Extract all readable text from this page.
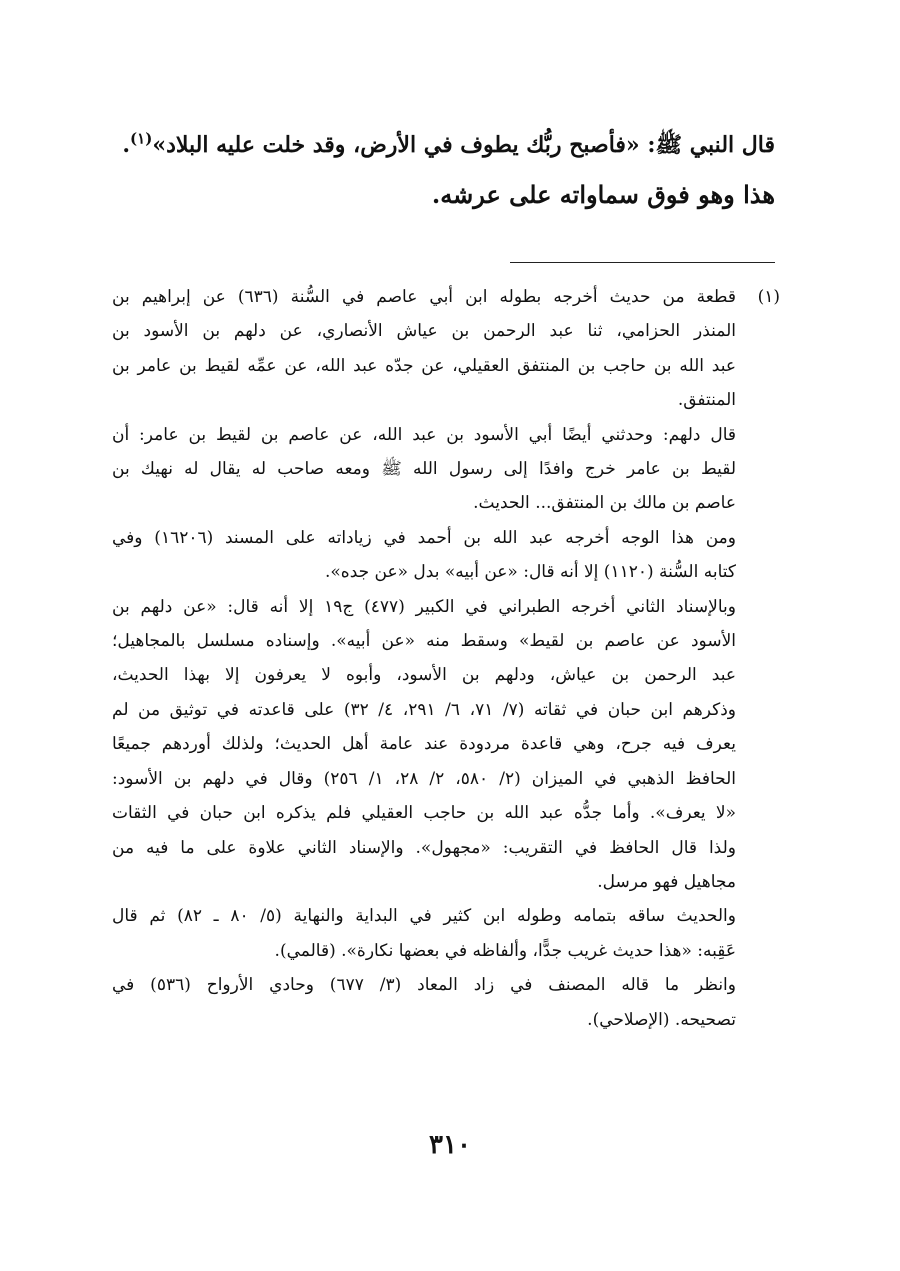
قال النبي ﷺ: «فأصبح ربُّك يطوف في الأرض، وقد خلت عليه البلاد»$^{(١)}$.

هذا وهو فوق سماواته على عرشه.

(١)
قطعة من حديث أخرجه بطوله ابن أبي عاصم في السُّنة (٦٣٦) عن إبراهيم بن
المنذر الحزامي، ثنا عبد الرحمن بن عياش الأنصاري، عن دلهم بن الأسود بن
عبد الله بن حاجب بن المنتفق العقيلي، عن جدّه عبد الله، عن عمِّه لقيط بن عامر بن
المنتفق.
قال دلهم: وحدثني أيضًا أبي الأسود بن عبد الله، عن عاصم بن لقيط بن عامر: أن
لقيط بن عامر خرج وافدًا إلى رسول الله ﷺ ومعه صاحب له يقال له نهيك بن
عاصم بن مالك بن المنتفق... الحديث.
ومن هذا الوجه أخرجه عبد الله بن أحمد في زياداته على المسند (١٦٢٠٦) وفي
كتابه السُّنة (١١٢٠) إلا أنه قال: «عن أبيه» بدل «عن جده».
وبالإسناد الثاني أخرجه الطبراني في الكبير (٤٧٧) ج١٩ إلا أنه قال: «عن دلهم بن
الأسود عن عاصم بن لقيط» وسقط منه «عن أبيه». وإسناده مسلسل بالمجاهيل؛
عبد الرحمن بن عياش، ودلهم بن الأسود، وأبوه لا يعرفون إلا بهذا الحديث،
وذكرهم ابن حبان في ثقاته (٧/ ٧١، ٦/ ٢٩١، ٤/ ٣٢) على قاعدته في توثيق من لم
يعرف فيه جرح، وهي قاعدة مردودة عند عامة أهل الحديث؛ ولذلك أوردهم جميعًا
الحافظ الذهبي في الميزان (٢/ ٥٨٠، ٢/ ٢٨، ١/ ٢٥٦) وقال في دلهم بن الأسود:
«لا يعرف». وأما جدُّه عبد الله بن حاجب العقيلي فلم يذكره ابن حبان في الثقات
ولذا قال الحافظ في التقريب: «مجهول». والإسناد الثاني علاوة على ما فيه من
مجاهيل فهو مرسل.
والحديث ساقه بتمامه وطوله ابن كثير في البداية والنهاية (٥/ ٨٠ ـ ٨٢) ثم قال
عَقِبه: «هذا حديث غريب جدًّا، وألفاظه في بعضها نكارة». (قالمي).
وانظر ما قاله المصنف في زاد المعاد (٣/ ٦٧٧) وحادي الأرواح (٥٣٦) في
تصحيحه. (الإصلاحي).
٣١٠
